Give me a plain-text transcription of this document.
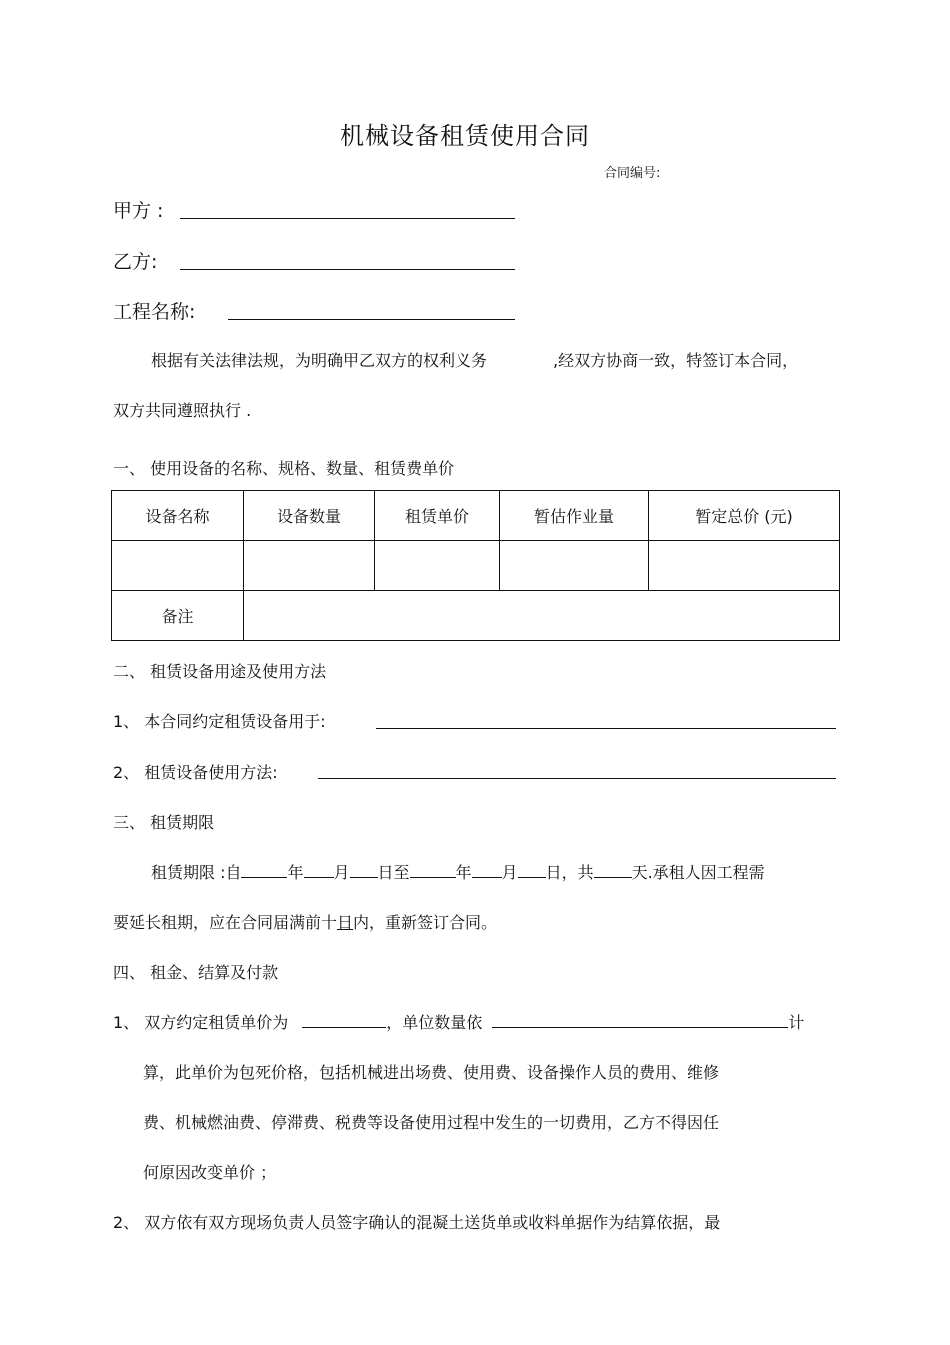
机械设备租赁使用合同
合同编号:
甲方 :
乙方:
工程名称:
根据有关法律法规，为明确甲乙双方的权利义务	,经双方协商一致，特签订本合同，
双方共同遵照执行 .
一、 使用设备的名称、规格、数量、租赁费单价
设备名称	设备数量	租赁单价	暂估作业量	暂定总价 (元)

备注				
二、 租赁设备用途及使用方法
1、 本合同约定租赁设备用于:
2、 租赁设备使用方法:
三、 租赁期限
租赁期限 :自	年 月 日至	年 月 日，共 天.承租人因工程需
要延长租期，应在合同届满前十日内，重新签订合同。
四、 租金、结算及付款
1、 双方约定租赁单价为	，单位数量依	计
算，此单价为包死价格，包括机械进出场费、使用费、设备操作人员的费用、维修
费、机械燃油费、停滞费、税费等设备使用过程中发生的一切费用，乙方不得因任
何原因改变单价 ；
2、 双方依有双方现场负责人员签字确认的混凝土送货单或收料单据作为结算依据，最
